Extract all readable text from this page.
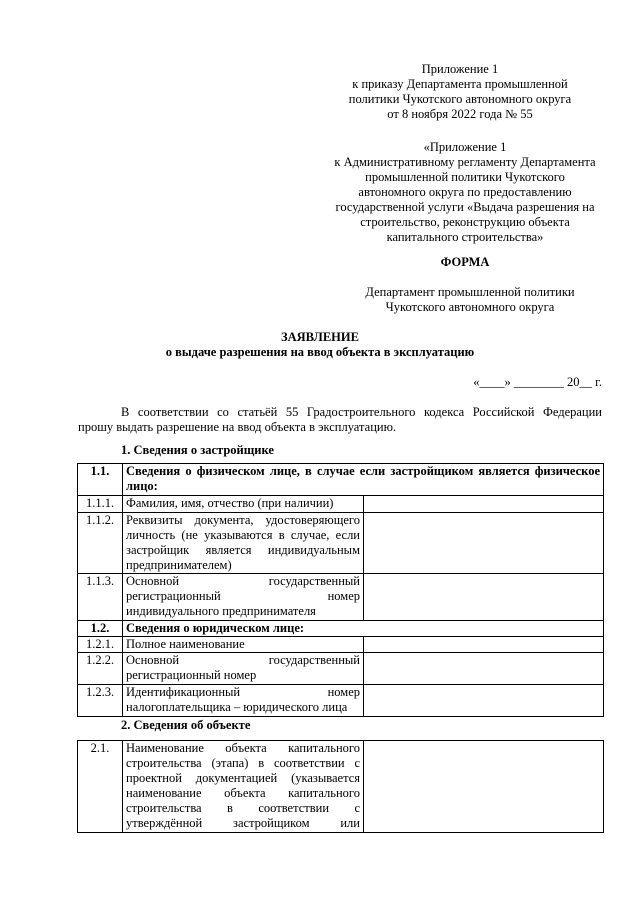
Приложение 1
к приказу Департамента промышленной
политики Чукотского автономного округа
от 8 ноября 2022 года № 55
«Приложение 1
к Административному регламенту Департамента
промышленной политики Чукотского
автономного округа по предоставлению
государственной услуги «Выдача разрешения на
строительство, реконструкцию объекта
капитального строительства»
ФОРМА
Департамент промышленной политики
Чукотского автономного округа
ЗАЯВЛЕНИЕ
о выдаче разрешения на ввод объекта в эксплуатацию
«____» ________ 20__ г.
В соответствии со статьёй 55 Градостроительного кодекса Российской Федерации
прошу выдать разрешение на ввод объекта в эксплуатацию.
1. Сведения о застройщике
1.1.	Сведения о физическом лице, в случае если застройщиком является физическое
лицо:	

1.1.1.	Фамилия, имя, отчество (при наличии)	

1.1.2.	Реквизиты документа, удостоверяющего
личность (не указываются в случае, если
застройщик является индивидуальным
предпринимателем)	

1.1.3.	Основной государственный
регистрационный номер
индивидуального предпринимателя	

1.2.	Сведения о юридическом лице:	

1.2.1.	Полное наименование	

1.2.2.	Основной государственный
регистрационный номер	

1.2.3.	Идентификационный номер
налогоплательщика – юридического лица	

2. Сведения об объекте
2.1.	Наименование объекта капитального
строительства (этапа) в соответствии с
проектной документацией (указывается
наименование объекта капитального
строительства в соответствии с
утверждённой застройщиком или
